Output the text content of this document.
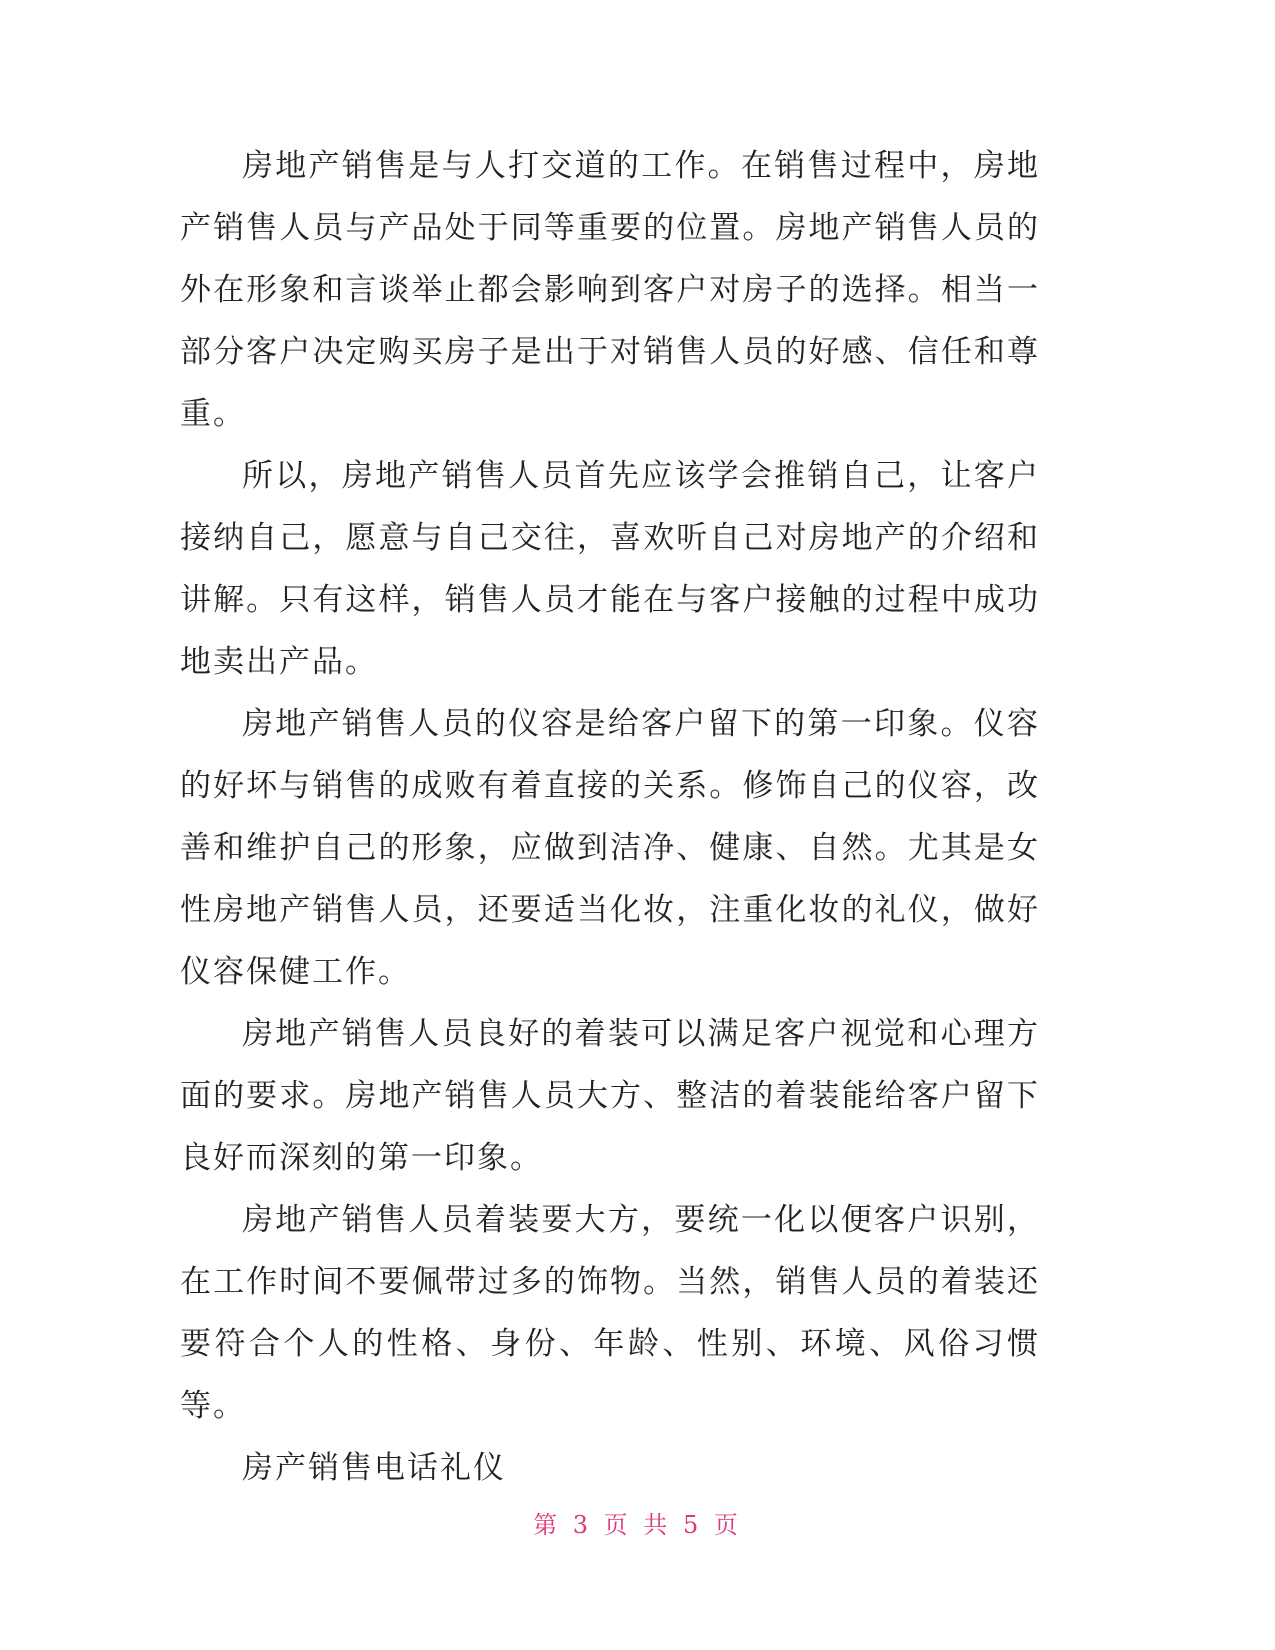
房地产销售是与人打交道的工作。在销售过程中，房地产销售人员与产品处于同等重要的位置。房地产销售人员的外在形象和言谈举止都会影响到客户对房子的选择。相当一部分客户决定购买房子是出于对销售人员的好感、信任和尊重。

所以，房地产销售人员首先应该学会推销自己，让客户接纳自己，愿意与自己交往，喜欢听自己对房地产的介绍和讲解。只有这样，销售人员才能在与客户接触的过程中成功地卖出产品。

房地产销售人员的仪容是给客户留下的第一印象。仪容的好坏与销售的成败有着直接的关系。修饰自己的仪容，改善和维护自己的形象，应做到洁净、健康、自然。尤其是女性房地产销售人员，还要适当化妆，注重化妆的礼仪，做好仪容保健工作。

房地产销售人员良好的着装可以满足客户视觉和心理方面的要求。房地产销售人员大方、整洁的着装能给客户留下良好而深刻的第一印象。

房地产销售人员着装要大方，要统一化以便客户识别，在工作时间不要佩带过多的饰物。当然，销售人员的着装还要符合个人的性格、身份、年龄、性别、环境、风俗习惯等。

房产销售电话礼仪

第 3 页 共 5 页
